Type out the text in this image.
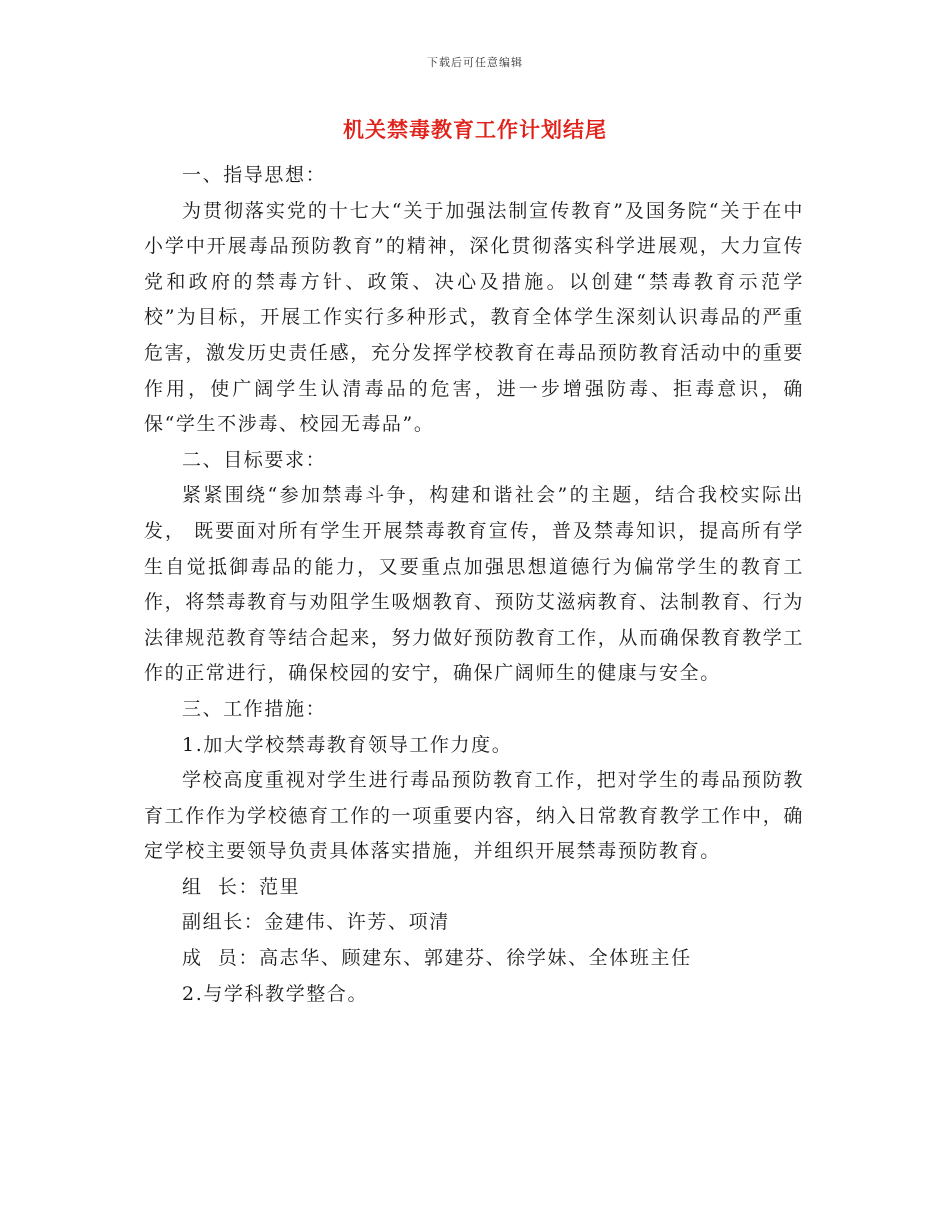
下载后可任意编辑
机关禁毒教育工作计划结尾

一、指导思想：

为贯彻落实党的十七大“关于加强法制宣传教育”及国务院“关于在中小学中开展毒品预防教育”的精神，深化贯彻落实科学进展观，大力宣传党和政府的禁毒方针、政策、决心及措施。以创建“禁毒教育示范学校”为目标，开展工作实行多种形式，教育全体学生深刻认识毒品的严重危害，激发历史责任感，充分发挥学校教育在毒品预防教育活动中的重要作用，使广阔学生认清毒品的危害，进一步增强防毒、拒毒意识，确保“学生不涉毒、校园无毒品”。

二、目标要求：

紧紧围绕“参加禁毒斗争，构建和谐社会”的主题，结合我校实际出发， 既要面对所有学生开展禁毒教育宣传，普及禁毒知识，提高所有学生自觉抵御毒品的能力，又要重点加强思想道德行为偏常学生的教育工作，将禁毒教育与劝阻学生吸烟教育、预防艾滋病教育、法制教育、行为法律规范教育等结合起来，努力做好预防教育工作，从而确保教育教学工作的正常进行，确保校园的安宁，确保广阔师生的健康与安全。

三、工作措施：

1.加大学校禁毒教育领导工作力度。

学校高度重视对学生进行毒品预防教育工作，把对学生的毒品预防教育工作作为学校德育工作的一项重要内容，纳入日常教育教学工作中，确定学校主要领导负责具体落实措施，并组织开展禁毒预防教育。

组  长：范里

副组长：金建伟、许芳、项清

成  员：高志华、顾建东、郭建芬、徐学妹、全体班主任

2.与学科教学整合。
